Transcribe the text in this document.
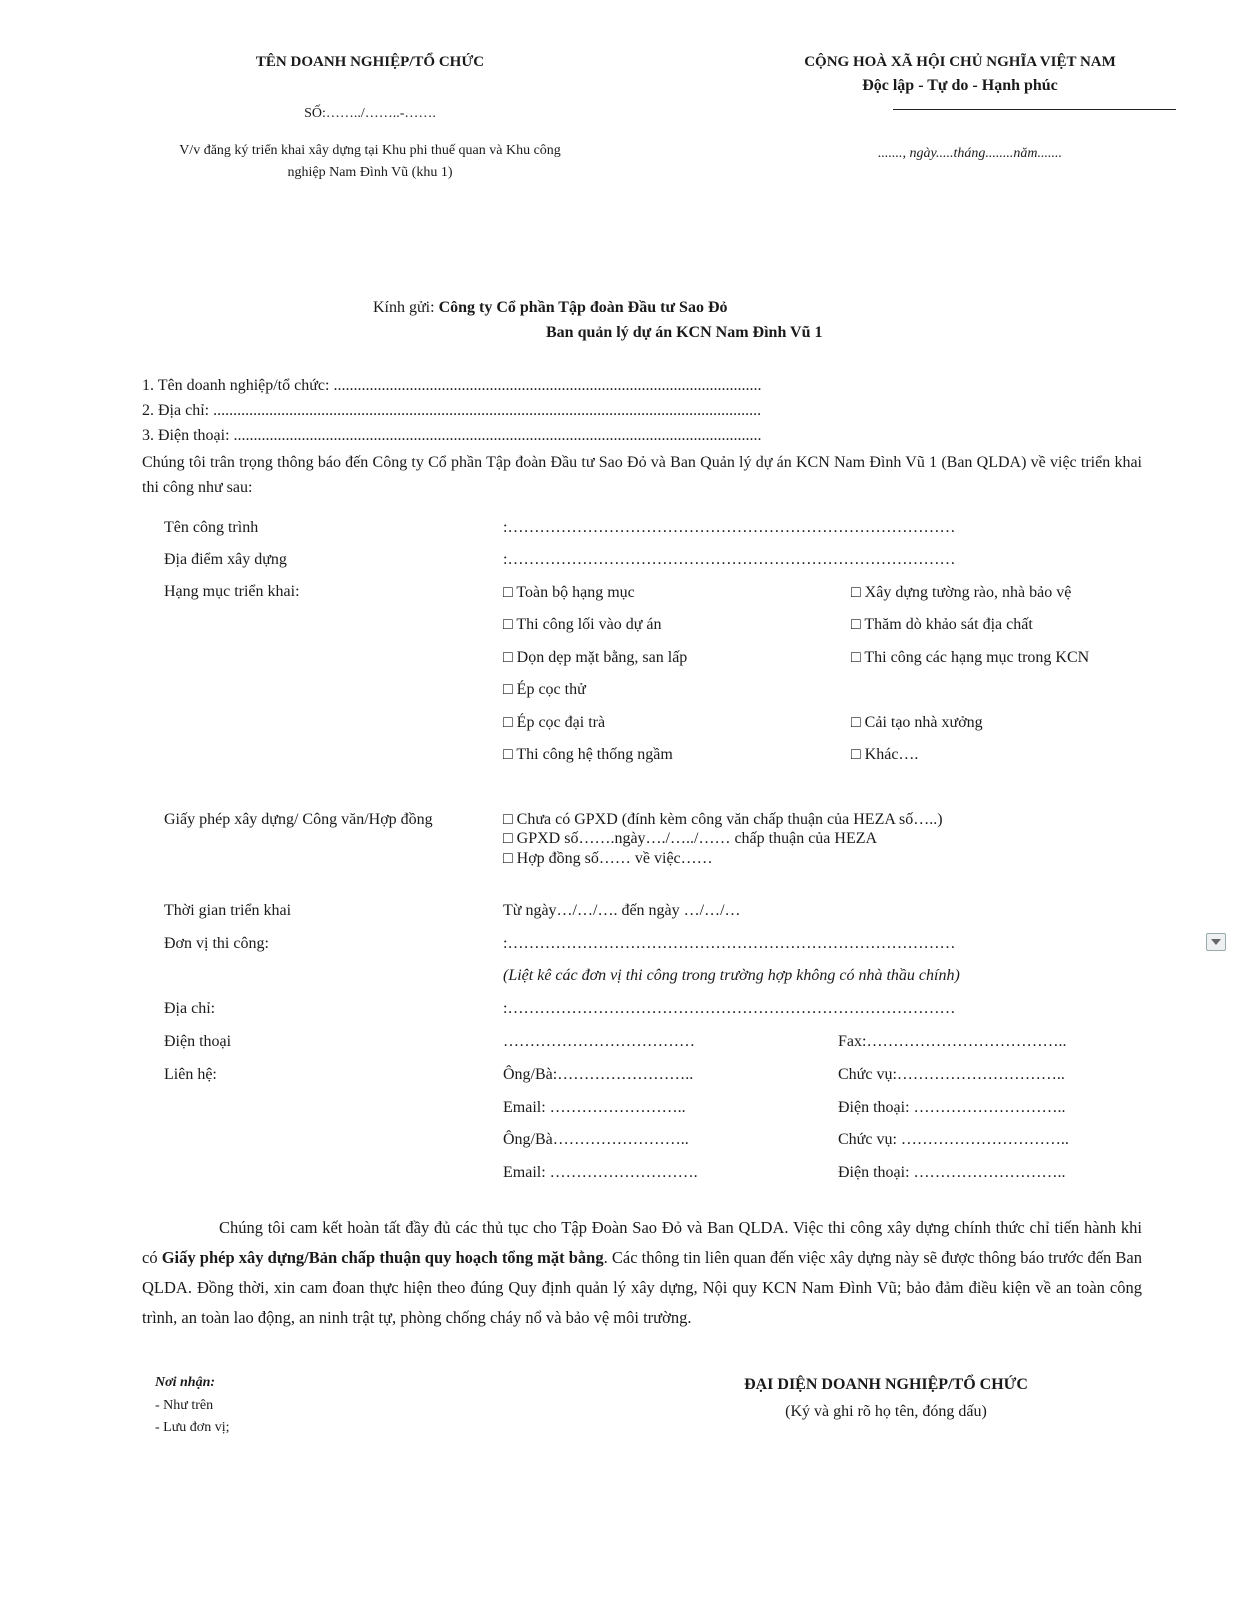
TÊN DOANH NGHIỆP/TỔ CHỨC
SỐ:……../……..-…….
V/v đăng ký triển khai xây dựng tại Khu phi thuế quan và Khu công
nghiệp Nam Đình Vũ (khu 1)
CỘNG HOÀ XÃ HỘI CHỦ NGHĨA VIỆT NAM
Độc lập - Tự do - Hạnh phúc
......., ngày.....tháng........năm.......
Kính gửi: Công ty Cổ phần Tập đoàn Đầu tư Sao Đỏ
Ban quản lý dự án KCN Nam Đình Vũ 1
1. Tên doanh nghiệp/tổ chức: ...........................................................................................................
2. Địa chỉ: .........................................................................................................................................
3. Điện thoại: ....................................................................................................................................
Chúng tôi trân trọng thông báo đến Công ty Cổ phần Tập đoàn Đầu tư Sao Đỏ và Ban Quản lý dự án KCN Nam Đình Vũ 1 (Ban QLDA) về việc triển khai thi công như sau:
Tên công trình	:…………………………………………………………………………
Địa điểm xây dựng	:…………………………………………………………………………
Hạng mục triển khai:	□ Toàn bộ hạng mục	□ Xây dựng tường rào, nhà bảo vệ
□ Thi công lối vào dự án	□ Thăm dò khảo sát địa chất
□ Dọn dẹp mặt bằng, san lấp	□ Thi công các hạng mục trong KCN
□ Ép cọc thử
□ Ép cọc đại trà	□ Cải tạo nhà xưởng
□ Thi công hệ thống ngầm	□ Khác….
Giấy phép xây dựng/ Công văn/Hợp đồng	□ Chưa có GPXD (đính kèm công văn chấp thuận của HEZA số…..)
□ GPXD số…….ngày…./…../…… chấp thuận của HEZA
□ Hợp đồng số…… về việc……
Thời gian triển khai	Từ ngày…/…/…. đến ngày …/…/…
Đơn vị thi công:	:…………………………………………………………………………
(Liệt kê các đơn vị thi công trong trường hợp không có nhà thầu chính)
Địa chỉ:	:…………………………………………………………………………
Điện thoại	………………………………	Fax:………………………………..
Liên hệ:	Ông/Bà:……………………..	Chức vụ:…………………………..
Email: ……………………..	Điện thoại: ………………………..
Ông/Bà……………………..	Chức vụ: …………………………..
Email: ……………………….	Điện thoại: ………………………..
Chúng tôi cam kết hoàn tất đầy đủ các thủ tục cho Tập Đoàn Sao Đỏ và Ban QLDA. Việc thi công xây dựng chính thức chỉ tiến hành khi có Giấy phép xây dựng/Bản chấp thuận quy hoạch tổng mặt bằng. Các thông tin liên quan đến việc xây dựng này sẽ được thông báo trước đến Ban QLDA. Đồng thời, xin cam đoan thực hiện theo đúng Quy định quản lý xây dựng, Nội quy KCN Nam Đình Vũ; bảo đảm điều kiện về an toàn công trình, an toàn lao động, an ninh trật tự, phòng chống cháy nổ và bảo vệ môi trường.
Nơi nhận:
- Như trên
- Lưu đơn vị;
ĐẠI DIỆN DOANH NGHIỆP/TỔ CHỨC
(Ký và ghi rõ họ tên, đóng dấu)
